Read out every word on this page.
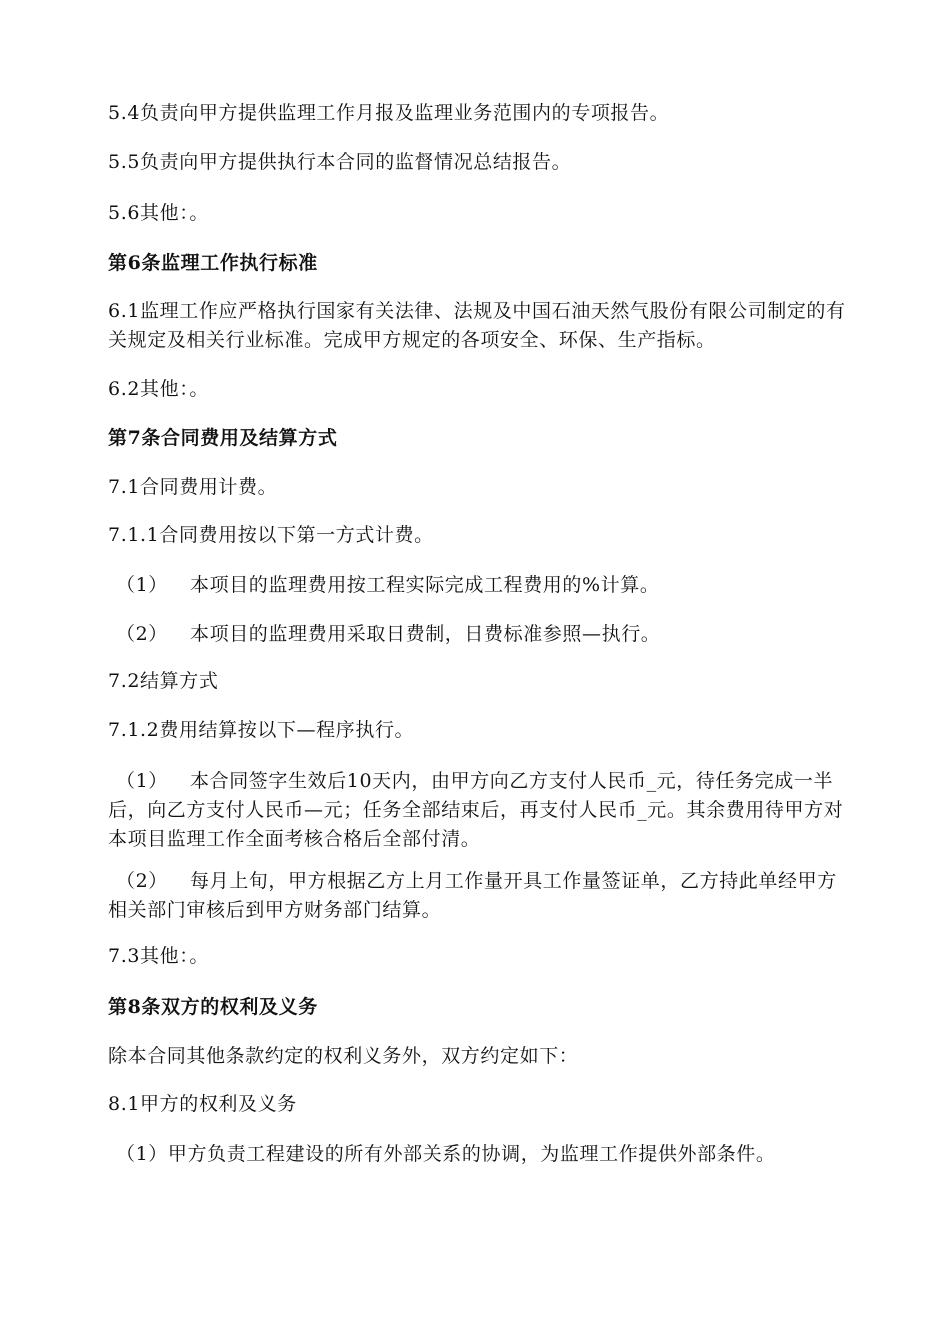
5.4负责向甲方提供监理工作月报及监理业务范围内的专项报告。
5.5负责向甲方提供执行本合同的监督情况总结报告。
5.6其他：。
第6条监理工作执行标准
6.1监理工作应严格执行国家有关法律、法规及中国石油天然气股份有限公司制定的有关规定及相关行业标准。完成甲方规定的各项安全、环保、生产指标。
6.2其他：。
第7条合同费用及结算方式
7.1合同费用计费。
7.1.1合同费用按以下第一方式计费。
（1） 本项目的监理费用按工程实际完成工程费用的%计算。
（2） 本项目的监理费用采取日费制，日费标准参照—执行。
7.2结算方式
7.1.2费用结算按以下—程序执行。
（1） 本合同签字生效后10天内，由甲方向乙方支付人民币_元，待任务完成一半后，向乙方支付人民币—元；任务全部结束后，再支付人民币_元。其余费用待甲方对本项目监理工作全面考核合格后全部付清。
（2） 每月上旬，甲方根据乙方上月工作量开具工作量签证单，乙方持此单经甲方 相关部门审核后到甲方财务部门结算。
7.3其他：。
第8条双方的权利及义务
除本合同其他条款约定的权利义务外，双方约定如下：
8.1甲方的权利及义务
（1）甲方负责工程建设的所有外部关系的协调，为监理工作提供外部条件。
